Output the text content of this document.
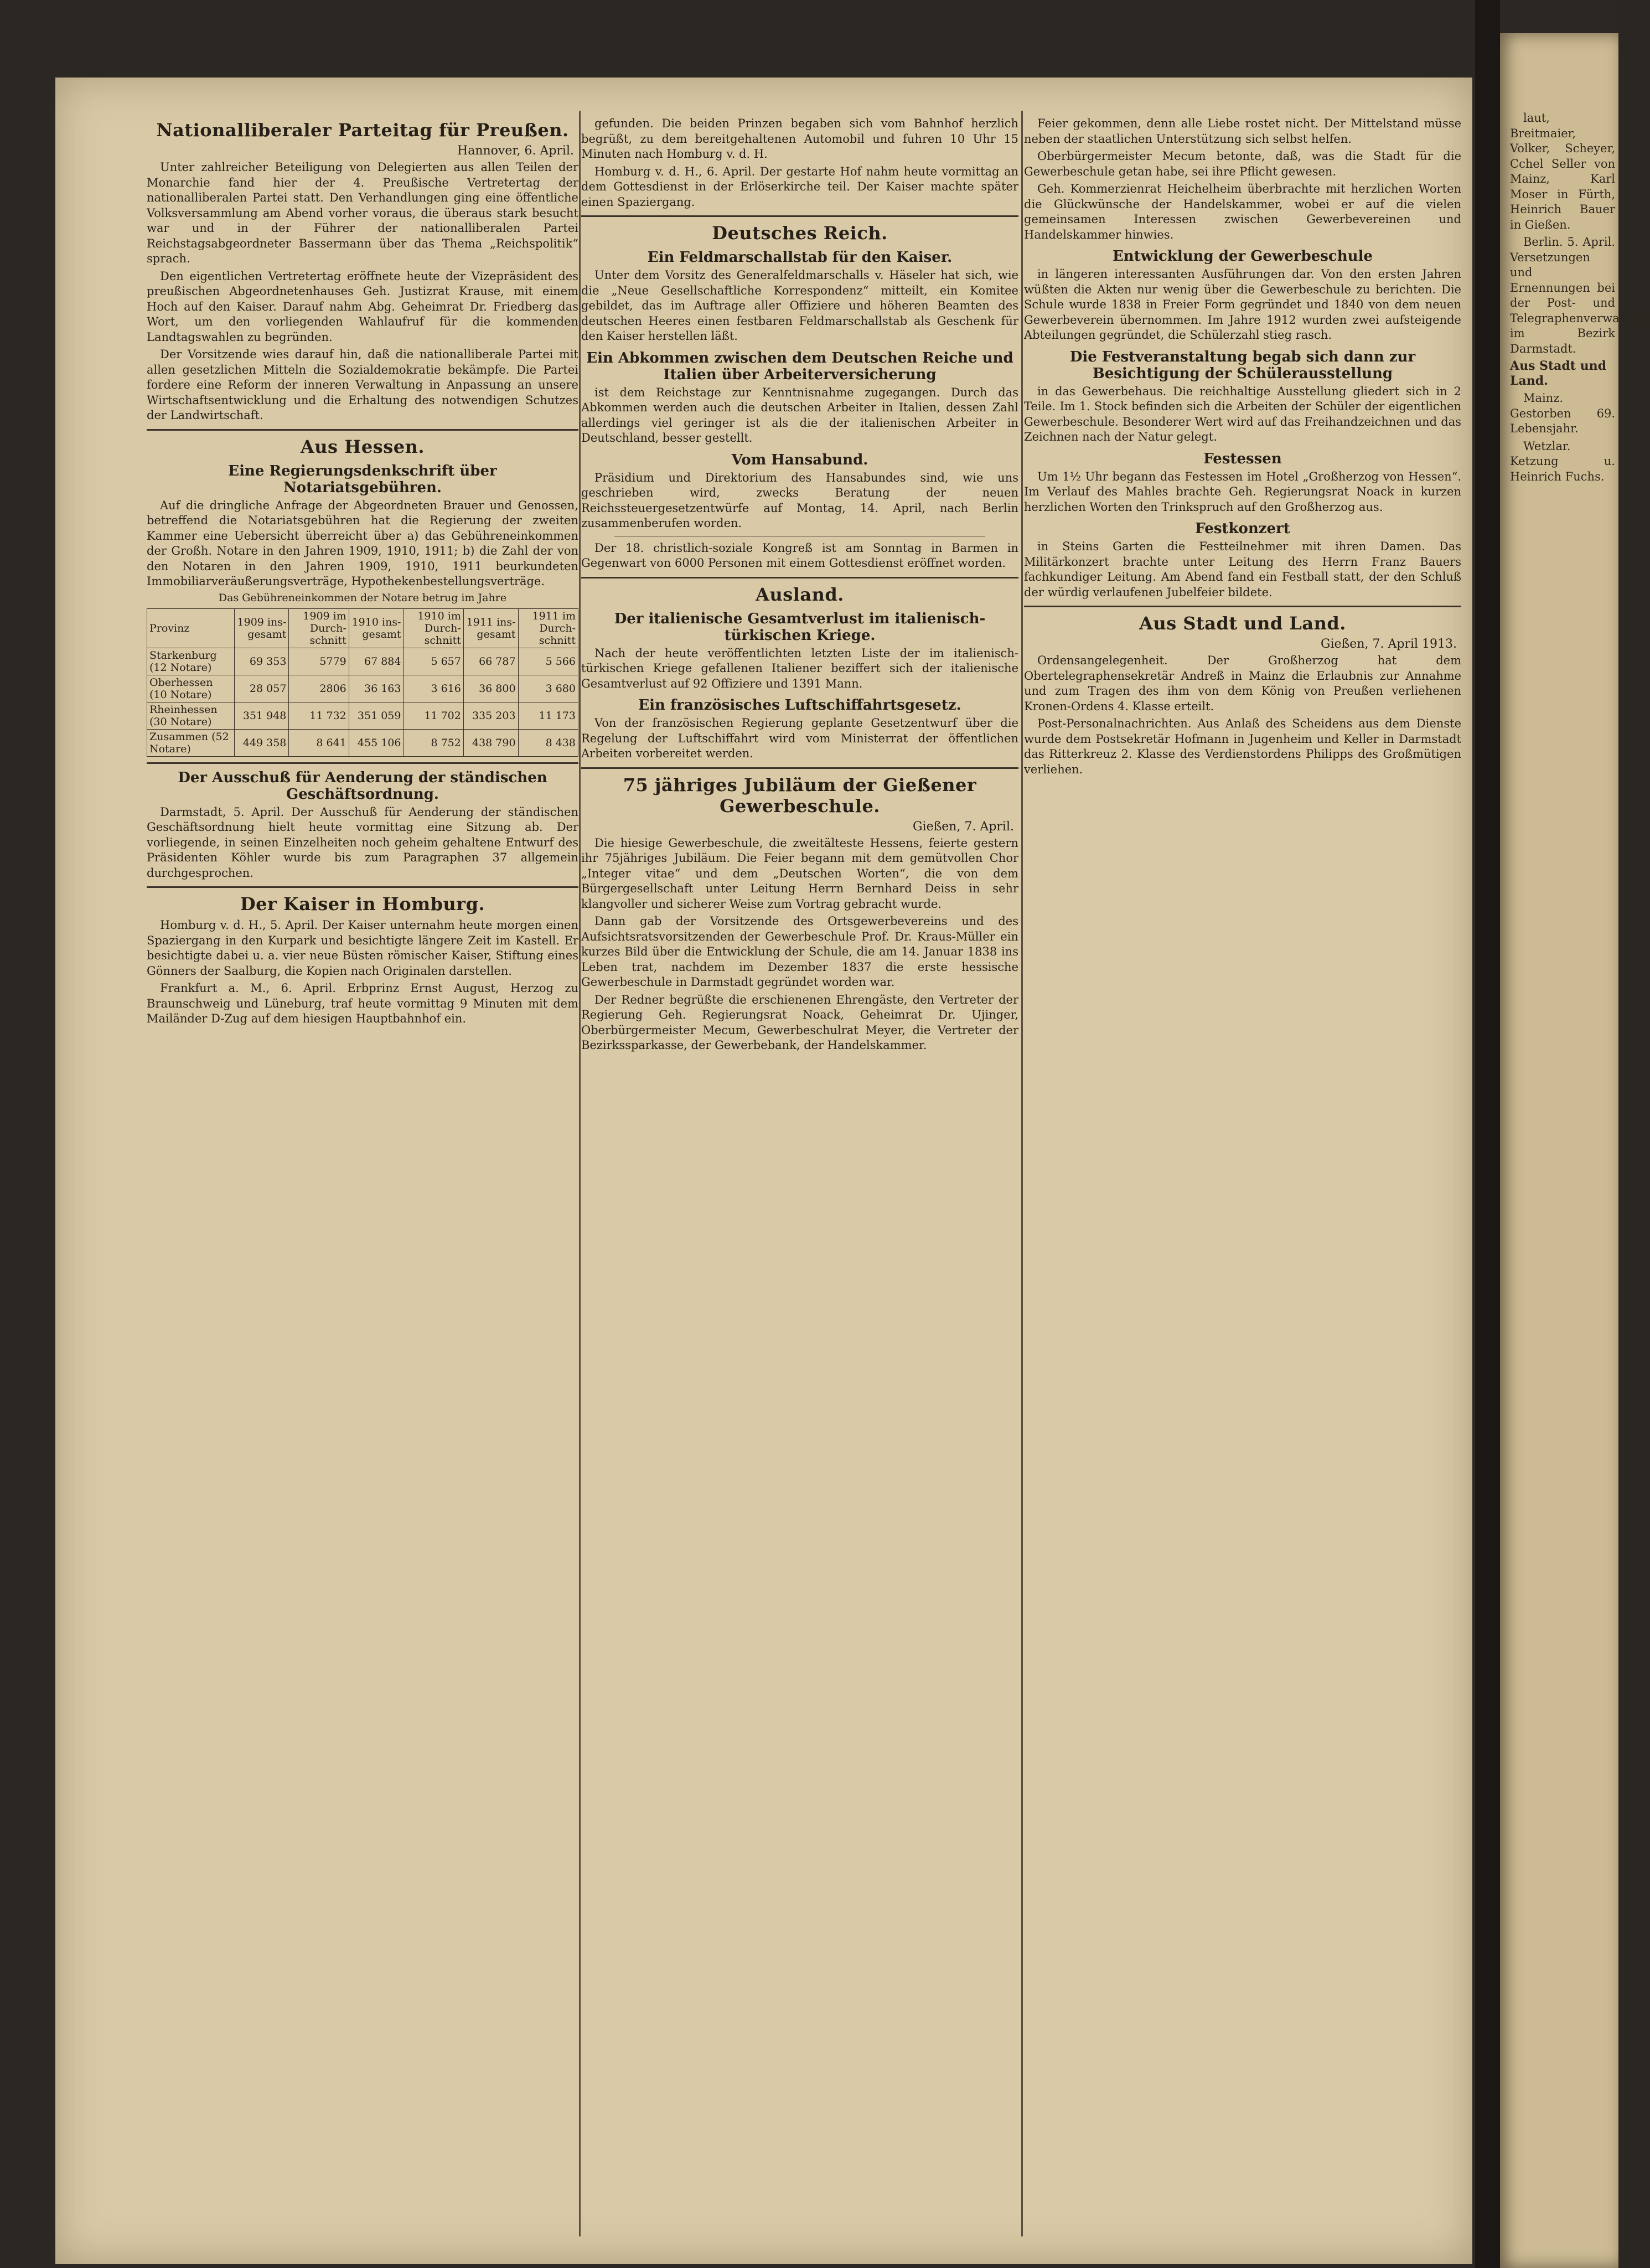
Nationalliberaler Parteitag für Preußen.
Hannover, 6. April.

Unter zahlreicher Beteiligung von Delegierten aus allen Teilen der Monarchie fand hier der 4. Preußische Vertretertag der nationalliberalen Partei statt. Den Verhandlungen ging eine öffentliche Volksversammlung am Abend vorher voraus, die überaus stark besucht war und in der Führer der nationalliberalen Partei Reichstagsabgeordneter Bassermann über das Thema „Reichspolitik“ sprach.

Den eigentlichen Vertretertag eröffnete heute der Vizepräsident des preußischen Abgeordnetenhauses Geh. Justizrat Krause, mit einem Hoch auf den Kaiser. Darauf nahm Abg. Geheimrat Dr. Friedberg das Wort, um den vorliegenden Wahlaufruf für die kommenden Landtagswahlen zu begründen.

Der Vorsitzende wies darauf hin, daß die nationalliberale Partei mit allen gesetzlichen Mitteln die Sozialdemokratie bekämpfe. Die Partei fordere eine Reform der inneren Verwaltung in Anpassung an unsere Wirtschaftsentwicklung und die Erhaltung des notwendigen Schutzes der Landwirtschaft.

Aus Hessen.
Eine Regierungsdenkschrift über Notariatsgebühren.

Auf die dringliche Anfrage der Abgeordneten Brauer und Genossen, betreffend die Notariatsgebühren hat die Regierung der zweiten Kammer eine Uebersicht überreicht über a) das Gebühreneinkommen der Großh. Notare in den Jahren 1909, 1910, 1911; b) die Zahl der von den Notaren in den Jahren 1909, 1910, 1911 beurkundeten Immobiliarveräußerungsverträge, Hypothekenbestellungsverträge.

Das Gebühreneinkommen der Notare betrug im Jahre
Provinz	1909 ins-gesamt	1909 im Durch-schnitt	1910 ins-gesamt	1910 im Durch-schnitt	1911 ins-gesamt	1911 im Durch-schnitt
Starkenburg (12 Notare)	69 353	5779	67 884	5 657	66 787	5 566
Oberhessen (10 Notare)	28 057	2806	36 163	3 616	36 800	3 680
Rheinhessen (30 Notare)	351 948	11 732	351 059	11 702	335 203	11 173
Zusammen (52 Notare)	449 358	8 641	455 106	8 752	438 790	8 438
Der Ausschuß für Aenderung der ständischen Geschäftsordnung.

Darmstadt, 5. April. Der Ausschuß für Aenderung der ständischen Geschäftsordnung hielt heute vormittag eine Sitzung ab. Der vorliegende, in seinen Einzelheiten noch geheim gehaltene Entwurf des Präsidenten Köhler wurde bis zum Paragraphen 37 allgemein durchgesprochen.

Der Kaiser in Homburg.

Homburg v. d. H., 5. April. Der Kaiser unternahm heute morgen einen Spaziergang in den Kurpark und besichtigte längere Zeit im Kastell. Er besichtigte dabei u. a. vier neue Büsten römischer Kaiser, Stiftung eines Gönners der Saalburg, die Kopien nach Originalen darstellen.

Frankfurt a. M., 6. April. Erbprinz Ernst August, Herzog zu Braunschweig und Lüneburg, traf heute vormittag 9 Minuten mit dem Mailänder D-Zug auf dem hiesigen Hauptbahnhof ein.

gefunden. Die beiden Prinzen begaben sich vom Bahnhof herzlich begrüßt, zu dem bereitgehaltenen Automobil und fuhren 10 Uhr 15 Minuten nach Homburg v. d. H.

Homburg v. d. H., 6. April. Der gestarte Hof nahm heute vormittag an dem Gottesdienst in der Erlöserkirche teil. Der Kaiser machte später einen Spaziergang.

Deutsches Reich.
Ein Feldmarschallstab für den Kaiser.

Unter dem Vorsitz des Generalfeldmarschalls v. Häseler hat sich, wie die „Neue Gesellschaftliche Korrespondenz“ mitteilt, ein Komitee gebildet, das im Auftrage aller Offiziere und höheren Beamten des deutschen Heeres einen festbaren Feldmarschallstab als Geschenk für den Kaiser herstellen läßt.

Ein Abkommen zwischen dem Deutschen Reiche und Italien über Arbeiterversicherung

ist dem Reichstage zur Kenntnisnahme zugegangen. Durch das Abkommen werden auch die deutschen Arbeiter in Italien, dessen Zahl allerdings viel geringer ist als die der italienischen Arbeiter in Deutschland, besser gestellt.

Vom Hansabund.

Präsidium und Direktorium des Hansabundes sind, wie uns geschrieben wird, zwecks Beratung der neuen Reichssteuergesetzentwürfe auf Montag, 14. April, nach Berlin zusammenberufen worden.

Der 18. christlich-soziale Kongreß ist am Sonntag in Barmen in Gegenwart von 6000 Personen mit einem Gottesdienst eröffnet worden.

Ausland.
Der italienische Gesamtverlust im italienisch-türkischen Kriege.

Nach der heute veröffentlichten letzten Liste der im italienisch-türkischen Kriege gefallenen Italiener beziffert sich der italienische Gesamtverlust auf 92 Offiziere und 1391 Mann.

Ein französisches Luftschiffahrtsgesetz.

Von der französischen Regierung geplante Gesetzentwurf über die Regelung der Luftschiffahrt wird vom Ministerrat der öffentlichen Arbeiten vorbereitet werden.

75 jähriges Jubiläum der Gießener Gewerbeschule.
Gießen, 7. April.

Die hiesige Gewerbeschule, die zweitälteste Hessens, feierte gestern ihr 75jähriges Jubiläum. Die Feier begann mit dem gemütvollen Chor „Integer vitae“ und dem „Deutschen Worten“, die von dem Bürgergesellschaft unter Leitung Herrn Bernhard Deiss in sehr klangvoller und sicherer Weise zum Vortrag gebracht wurde.

Dann gab der Vorsitzende des Ortsgewerbevereins und des Aufsichtsratsvorsitzenden der Gewerbeschule Prof. Dr. Kraus-Müller ein kurzes Bild über die Entwicklung der Schule, die am 14. Januar 1838 ins Leben trat, nachdem im Dezember 1837 die erste hessische Gewerbeschule in Darmstadt gegründet worden war.

Der Redner begrüßte die erschienenen Ehrengäste, den Vertreter der Regierung Geh. Regierungsrat Noack, Geheimrat Dr. Ujinger, Oberbürgermeister Mecum, Gewerbeschulrat Meyer, die Vertreter der Bezirkssparkasse, der Gewerbebank, der Handelskammer.

Feier gekommen, denn alle Liebe rostet nicht. Der Mittelstand müsse neben der staatlichen Unterstützung sich selbst helfen.

Oberbürgermeister Mecum betonte, daß, was die Stadt für die Gewerbeschule getan habe, sei ihre Pflicht gewesen.

Geh. Kommerzienrat Heichelheim überbrachte mit herzlichen Worten die Glückwünsche der Handelskammer, wobei er auf die vielen gemeinsamen Interessen zwischen Gewerbevereinen und Handelskammer hinwies.

Entwicklung der Gewerbeschule

in längeren interessanten Ausführungen dar. Von den ersten Jahren wüßten die Akten nur wenig über die Gewerbeschule zu berichten. Die Schule wurde 1838 in Freier Form gegründet und 1840 von dem neuen Gewerbeverein übernommen. Im Jahre 1912 wurden zwei aufsteigende Abteilungen gegründet, die Schülerzahl stieg rasch.

Die Festveranstaltung begab sich dann zur Besichtigung der Schülerausstellung

in das Gewerbehaus. Die reichhaltige Ausstellung gliedert sich in 2 Teile. Im 1. Stock befinden sich die Arbeiten der Schüler der eigentlichen Gewerbeschule. Besonderer Wert wird auf das Freihandzeichnen und das Zeichnen nach der Natur gelegt.

Festessen

Um 1½ Uhr begann das Festessen im Hotel „Großherzog von Hessen“. Im Verlauf des Mahles brachte Geh. Regierungsrat Noack in kurzen herzlichen Worten den Trinkspruch auf den Großherzog aus.

Festkonzert

in Steins Garten die Festteilnehmer mit ihren Damen. Das Militärkonzert brachte unter Leitung des Herrn Franz Bauers fachkundiger Leitung. Am Abend fand ein Festball statt, der den Schluß der würdig verlaufenen Jubelfeier bildete.

Aus Stadt und Land.
Gießen, 7. April 1913.

Ordensangelegenheit. Der Großherzog hat dem Obertelegraphensekretär Andreß in Mainz die Erlaubnis zur Annahme und zum Tragen des ihm von dem König von Preußen verliehenen Kronen-Ordens 4. Klasse erteilt.

Post-Personalnachrichten. Aus Anlaß des Scheidens aus dem Dienste wurde dem Postsekretär Hofmann in Jugenheim und Keller in Darmstadt das Ritterkreuz 2. Klasse des Verdienstordens Philipps des Großmütigen verliehen.

laut, Breitmaier, Volker, Scheyer, Cchel Seller von Mainz, Karl Moser in Fürth, Heinrich Bauer in Gießen.

Berlin. 5. April. Versetzungen und Ernennungen bei der Post- und Telegraphenverwaltung im Bezirk Darmstadt.

Aus Stadt und Land.

Mainz. Gestorben 69. Lebensjahr.

Wetzlar. Ketzung u. Heinrich Fuchs.
